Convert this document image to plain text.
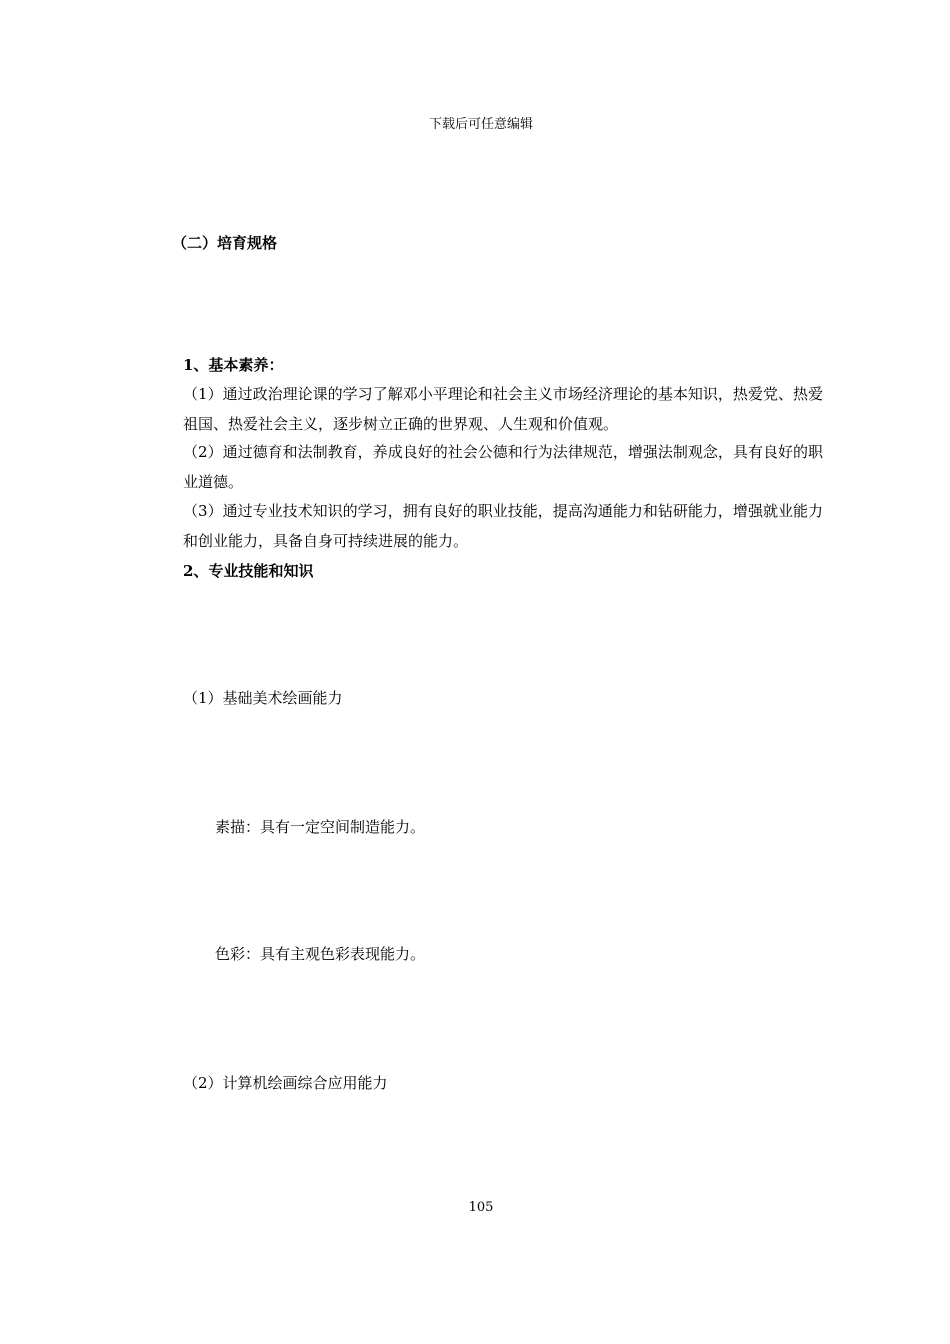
下载后可任意编辑
（二）培育规格
1、基本素养：
（1）通过政治理论课的学习了解邓小平理论和社会主义市场经济理论的基本知识，热爱党、热爱祖国、热爱社会主义，逐步树立正确的世界观、人生观和价值观。
（2）通过德育和法制教育，养成良好的社会公德和行为法律规范，增强法制观念，具有良好的职业道德。
（3）通过专业技术知识的学习，拥有良好的职业技能，提高沟通能力和钻研能力，增强就业能力和创业能力，具备自身可持续进展的能力。
2、专业技能和知识
（1）基础美术绘画能力
素描：具有一定空间制造能力。
色彩：具有主观色彩表现能力。
（2）计算机绘画综合应用能力
105
